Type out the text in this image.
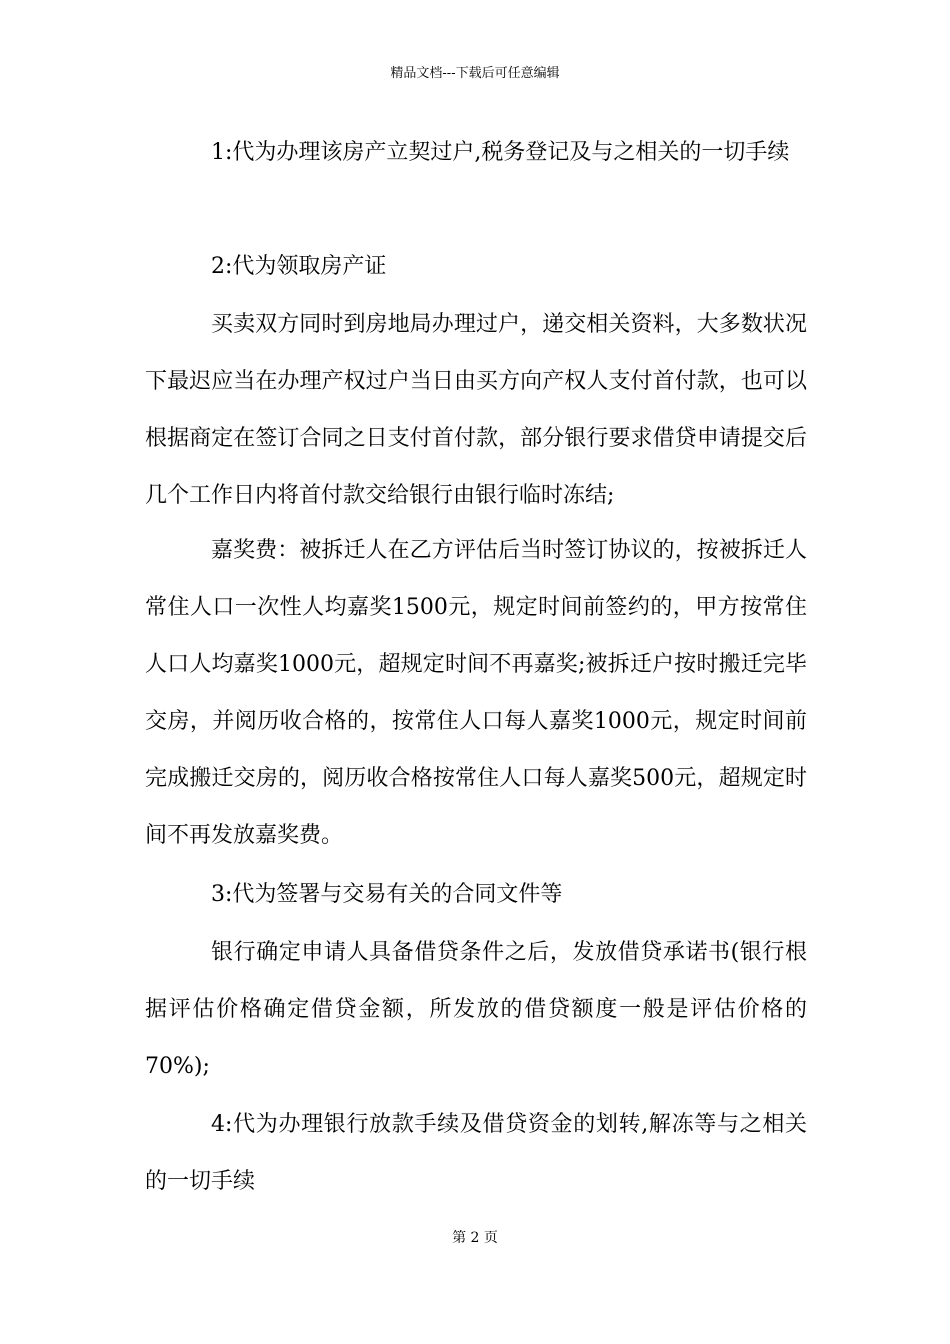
精品文档---下载后可任意编辑

1:代为办理该房产立契过户,税务登记及与之相关的一切手续

2:代为领取房产证

买卖双方同时到房地局办理过户，递交相关资料，大多数状况下最迟应当在办理产权过户当日由买方向产权人支付首付款，也可以根据商定在签订合同之日支付首付款，部分银行要求借贷申请提交后几个工作日内将首付款交给银行由银行临时冻结;

嘉奖费：被拆迁人在乙方评估后当时签订协议的，按被拆迁人常住人口一次性人均嘉奖1500元，规定时间前签约的，甲方按常住人口人均嘉奖1000元，超规定时间不再嘉奖;被拆迁户按时搬迁完毕交房，并阅历收合格的，按常住人口每人嘉奖1000元，规定时间前完成搬迁交房的，阅历收合格按常住人口每人嘉奖500元，超规定时间不再发放嘉奖费。

3:代为签署与交易有关的合同文件等

银行确定申请人具备借贷条件之后，发放借贷承诺书(银行根据评估价格确定借贷金额，所发放的借贷额度一般是评估价格的70%);

4:代为办理银行放款手续及借贷资金的划转,解冻等与之相关的一切手续

第 2 页
